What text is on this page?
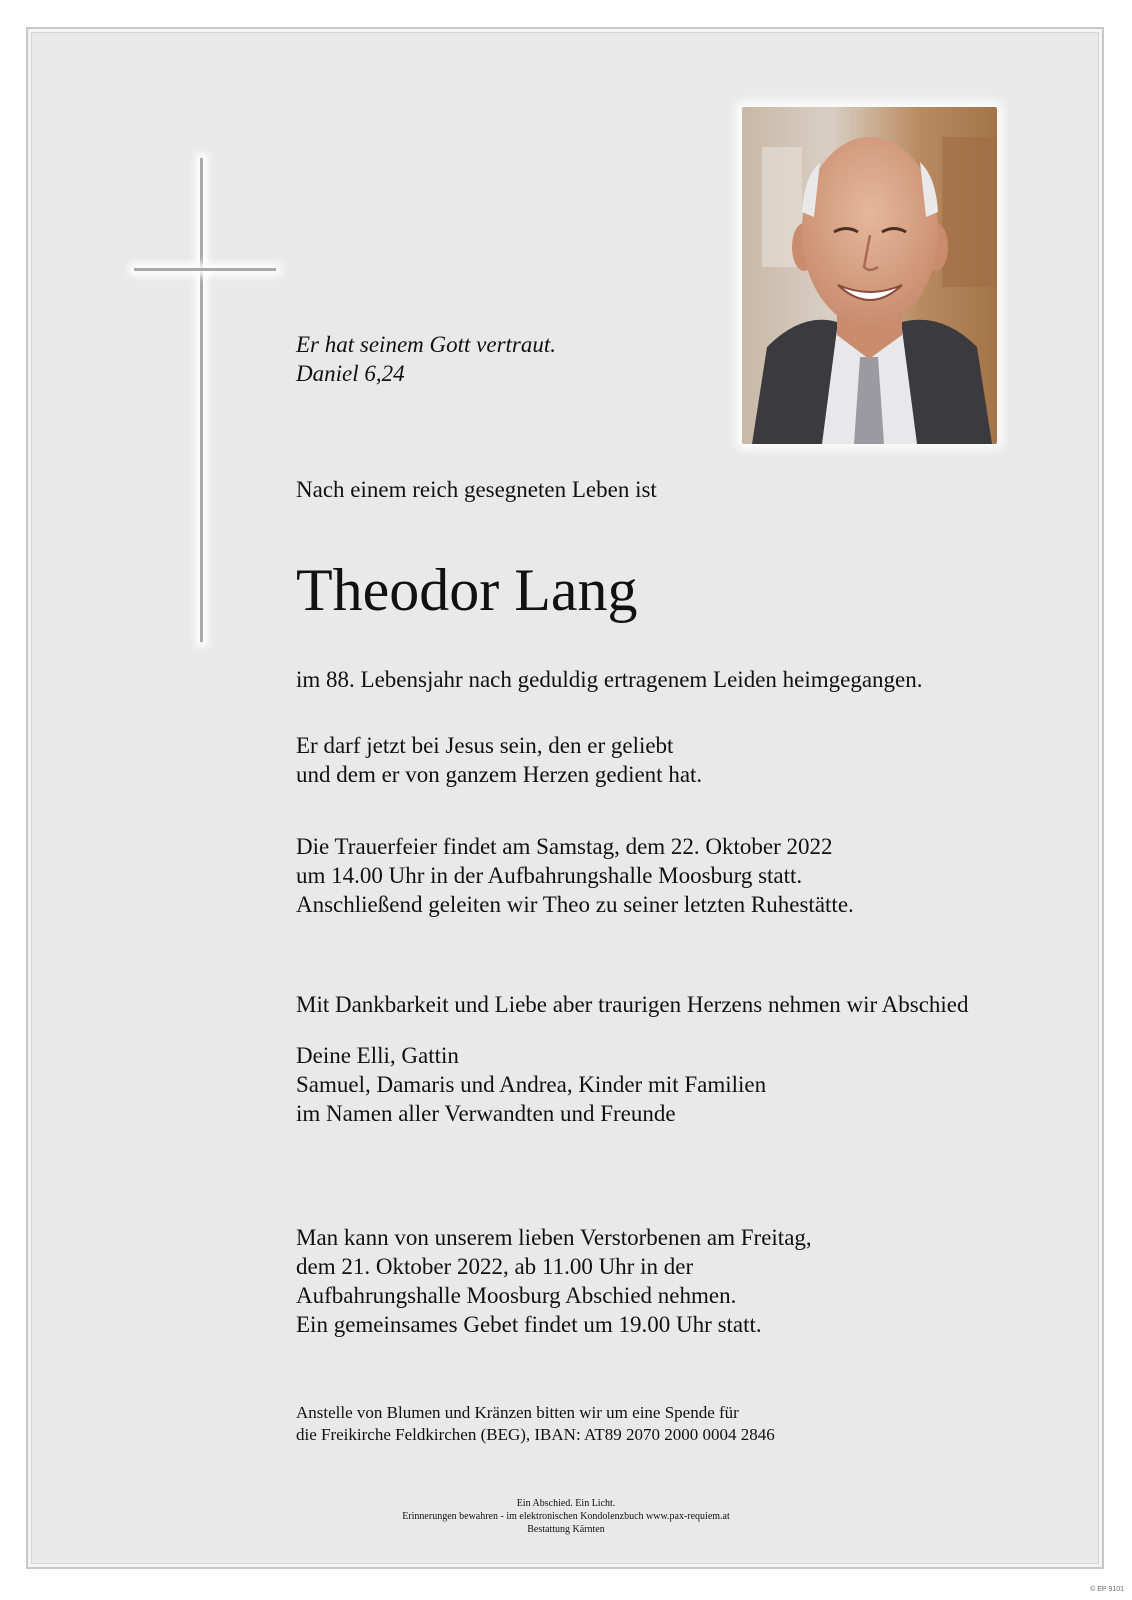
Er hat seinem Gott vertraut.
Daniel 6,24
Nach einem reich gesegneten Leben ist
Theodor Lang
im 88. Lebensjahr nach geduldig ertragenem Leiden heimgegangen.
Er darf jetzt bei Jesus sein, den er geliebt
und dem er von ganzem Herzen gedient hat.
Die Trauerfeier findet am Samstag, dem 22. Oktober 2022
um 14.00 Uhr in der Aufbahrungshalle Moosburg statt.
Anschließend geleiten wir Theo zu seiner letzten Ruhestätte.
Mit Dankbarkeit und Liebe aber traurigen Herzens nehmen wir Abschied
Deine Elli, Gattin
Samuel, Damaris und Andrea, Kinder mit Familien
im Namen aller Verwandten und Freunde
Man kann von unserem lieben Verstorbenen am Freitag,
dem 21. Oktober 2022, ab 11.00 Uhr in der
Aufbahrungshalle Moosburg Abschied nehmen.
Ein gemeinsames Gebet findet um 19.00 Uhr statt.
Anstelle von Blumen und Kränzen bitten wir um eine Spende für
die Freikirche Feldkirchen (BEG), IBAN: AT89 2070 2000 0004 2846
Ein Abschied. Ein Licht.
Erinnerungen bewahren - im elektronischen Kondolenzbuch www.pax-requiem.at
Bestattung Kärnten
© EP 9101
